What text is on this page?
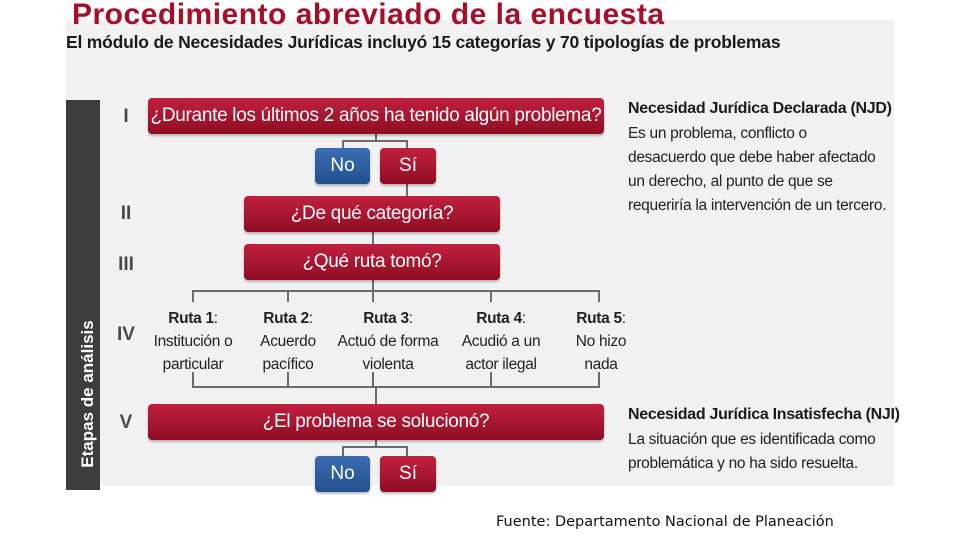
Procedimiento abreviado de la encuesta
El módulo de Necesidades Jurídicas incluyó 15 categorías y 70 tipologías de problemas
Etapas de análisis
I
II
III
IV
V
¿Durante los últimos 2 años ha tenido algún problema?
No	Sí
¿De qué categoría?
¿Qué ruta tomó?
Ruta 1:
Institución o
particular
Ruta 2:
Acuerdo
pacífico
Ruta 3:
Actuó de forma
violenta
Ruta 4:
Acudió a un
actor ilegal
Ruta 5:
No hizo
nada
¿El problema se solucionó?
No	Sí
Necesidad Jurídica Declarada (NJD)
Es un problema, conflicto o
desacuerdo que debe haber afectado
un derecho, al punto de que se
requeriría la intervención de un tercero.
Necesidad Jurídica Insatisfecha (NJI)
La situación que es identificada como
problemática y no ha sido resuelta.
Fuente: Departamento Nacional de Planeación
